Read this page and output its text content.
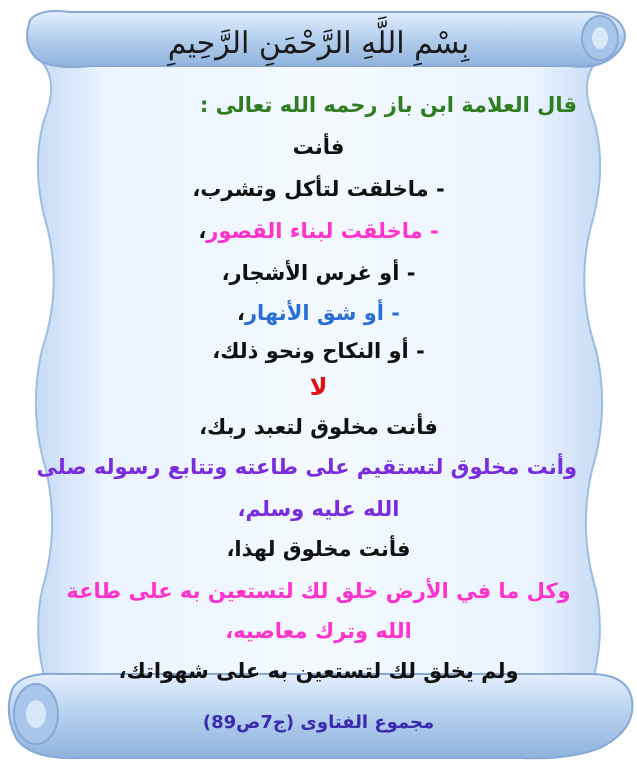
بِسْمِ اللَّهِ الرَّحْمَنِ الرَّحِيمِ
قال العلامة ابن باز رحمه الله تعالى :
فأنت
- ماخلقت لتأكل وتشرب،
- ماخلقت لبناء القصور،
- أو غرس الأشجار،
- أو شق الأنهار،
- أو النكاح ونحو ذلك،
لا
فأنت مخلوق لتعبد ربك،
وأنت مخلوق لتستقيم على طاعته وتتابع رسوله صلى
الله عليه وسلم،
فأنت مخلوق لهذا،
وكل ما في الأرض خلق لك لتستعين به على طاعة
الله وترك معاصيه،
ولم يخلق لك لتستعين به على شهواتك،
مجموع الفتاوى (ج7ص89)
